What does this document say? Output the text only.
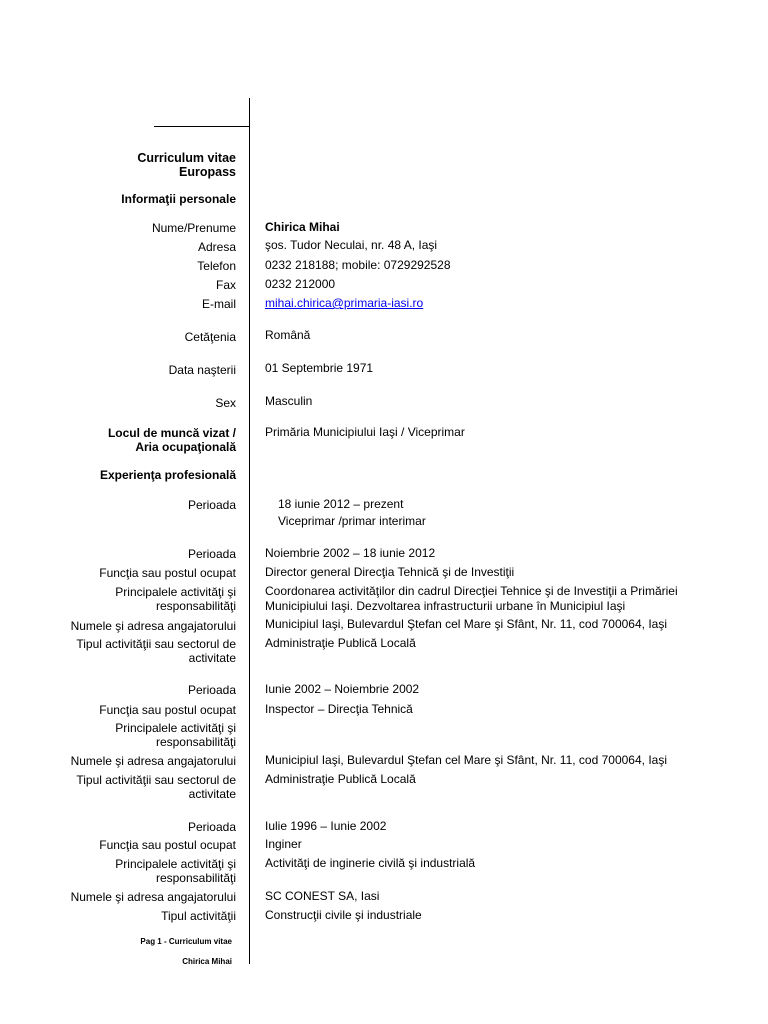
Curriculum vitae
Europass
Informaţii personale
Nume/Prenume Chirica Mihai
Adresa şos. Tudor Neculai, nr. 48 A, Iaşi
Telefon 0232 218188; mobile: 0729292528
Fax 0232 212000
E-mail mihai.chirica@primaria-iasi.ro
Cetăţenia Română
Data naşterii 01 Septembrie 1971
Sex Masculin
Locul de muncă vizat /
Aria ocupaţională
Primăria Municipiului Iaşi / Viceprimar
Experienţa profesională
Perioada	18 iunie 2012 – prezent
Viceprimar /primar interimar
Perioada Noiembrie 2002 – 18 iunie 2012
Funcţia sau postul ocupat Director general Direcţia Tehnică şi de Investiţii
Principalele activităţi şi
responsabilităţi
Coordonarea activităţilor din cadrul Direcţiei Tehnice şi de Investiţii a Primăriei
Municipiului Iaşi. Dezvoltarea infrastructurii urbane în Municipiul Iaşi
Numele şi adresa angajatorului Municipiul Iaşi, Bulevardul Ştefan cel Mare şi Sfânt, Nr. 11, cod 700064, Iaşi
Tipul activităţii sau sectorul de
activitate
Administraţie Publică Locală
Perioada Iunie 2002 – Noiembrie 2002
Funcţia sau postul ocupat Inspector – Direcţia Tehnică
Principalele activităţi şi
responsabilităţi
Numele şi adresa angajatorului Municipiul Iaşi, Bulevardul Ştefan cel Mare şi Sfânt, Nr. 11, cod 700064, Iaşi
Tipul activităţii sau sectorul de
activitate
Administraţie Publică Locală
Perioada Iulie 1996 – Iunie 2002
Funcţia sau postul ocupat Inginer
Principalele activităţi şi
responsabilităţi
Activităţi de inginerie civilă şi industrială
Numele şi adresa angajatorului SC CONEST SA, Iasi
Tipul activităţii Construcţii civile şi industriale
Pag 1 - Curriculum vitae
Chirica Mihai
